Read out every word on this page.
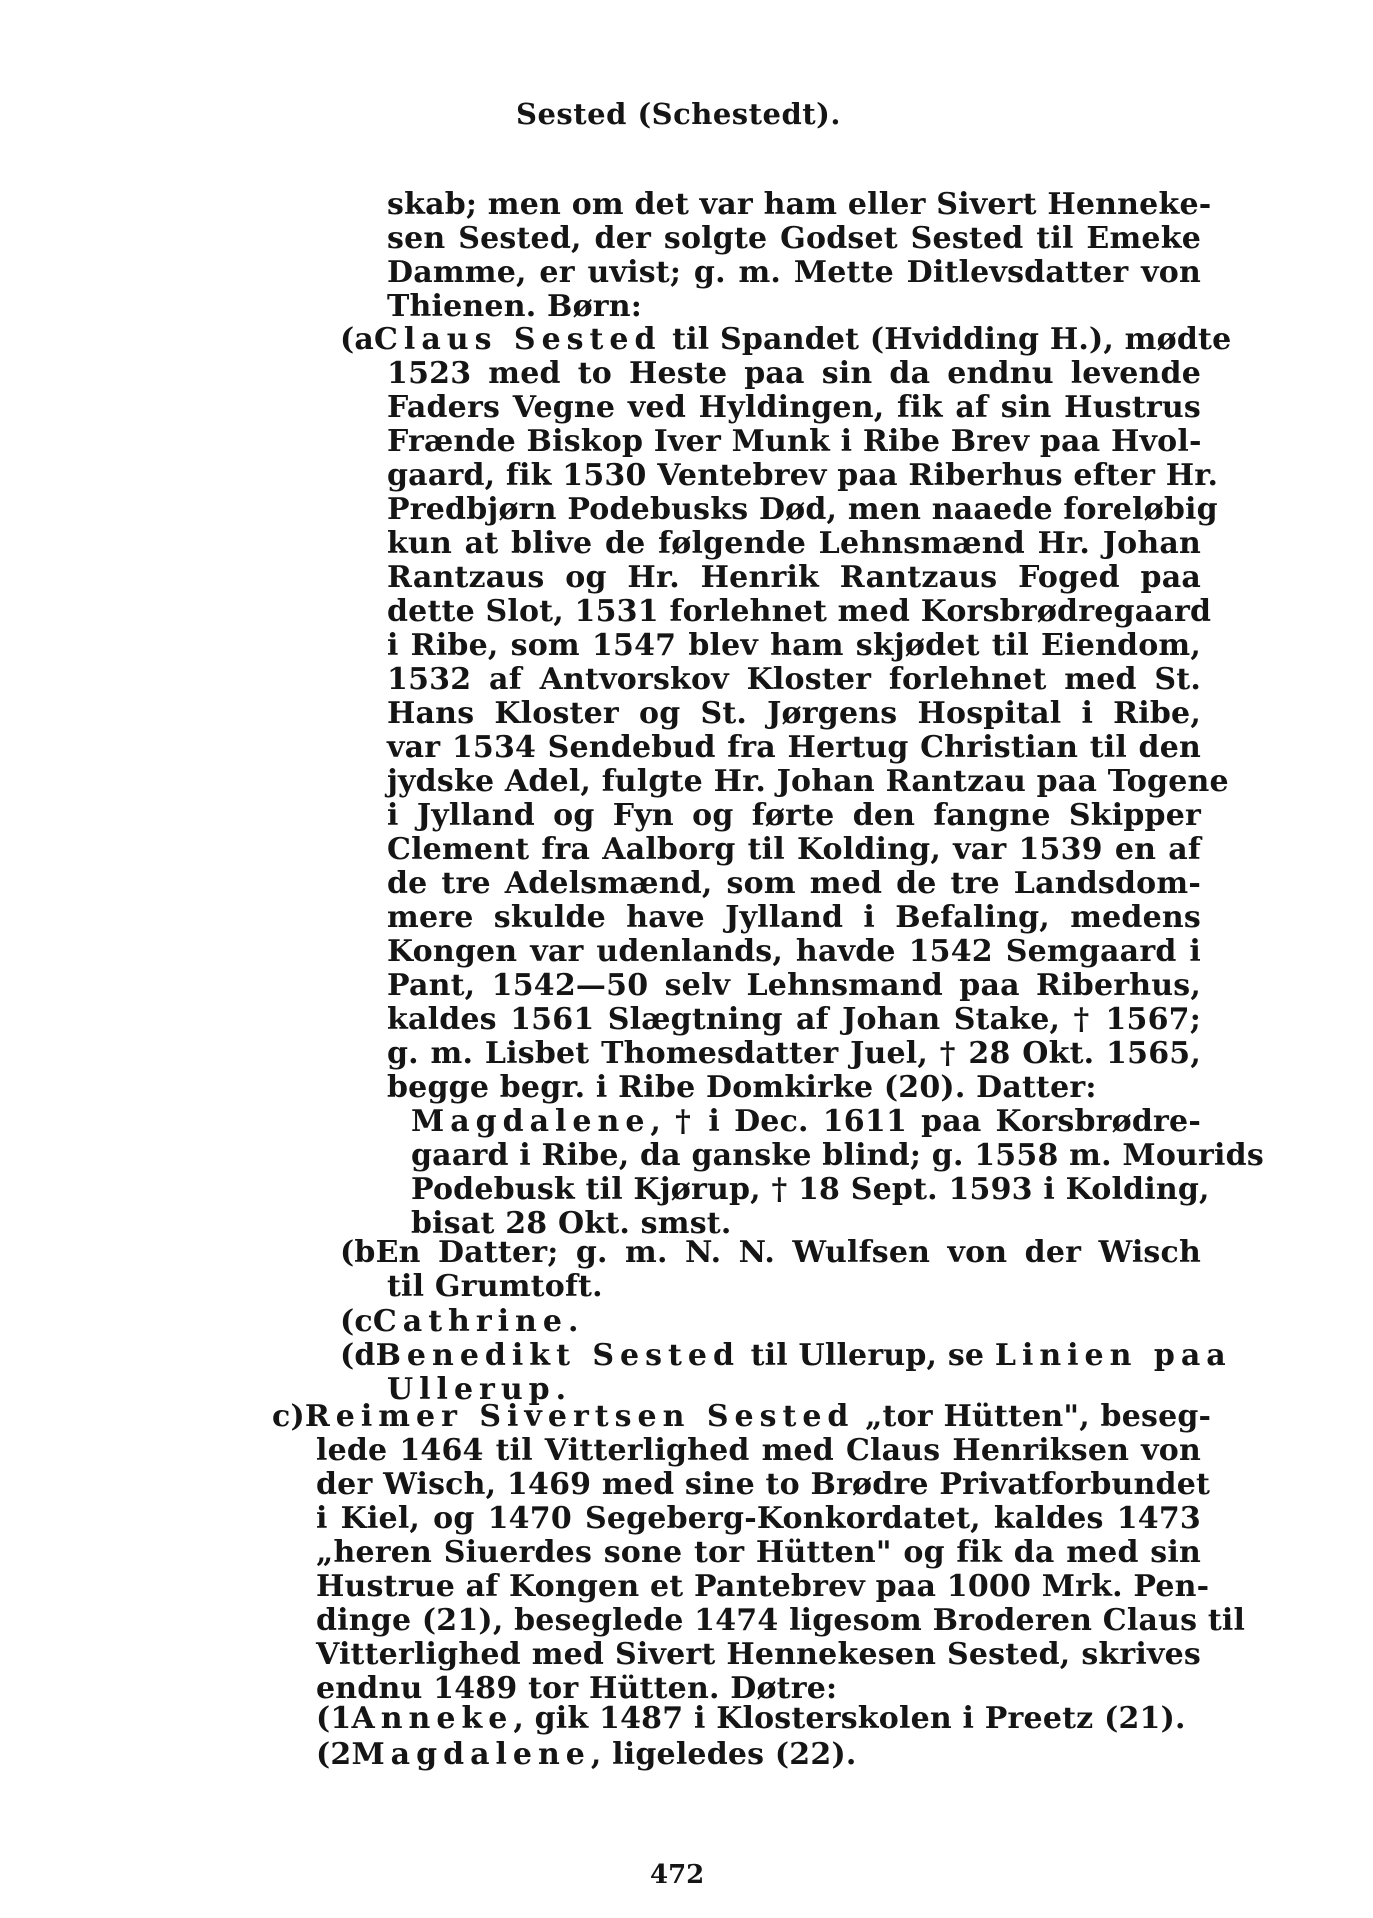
Sested (Schestedt).
skab; men om det var ham eller Sivert Henneke-
sen Sested, der solgte Godset Sested til Emeke
Damme, er uvist; g. m. Mette Ditlevsdatter von
Thienen. Børn:
(aClaus Sested til Spandet (Hvidding H.), mødte
1523 med to Heste paa sin da endnu levende
Faders Vegne ved Hyldingen, fik af sin Hustrus
Frænde Biskop Iver Munk i Ribe Brev paa Hvol-
gaard, fik 1530 Ventebrev paa Riberhus efter Hr.
Predbjørn Podebusks Død, men naaede foreløbig
kun at blive de følgende Lehnsmænd Hr. Johan
Rantzaus og Hr. Henrik Rantzaus Foged paa
dette Slot, 1531 forlehnet med Korsbrødregaard
i Ribe, som 1547 blev ham skjødet til Eiendom,
1532 af Antvorskov Kloster forlehnet med St.
Hans Kloster og St. Jørgens Hospital i Ribe,
var 1534 Sendebud fra Hertug Christian til den
jydske Adel, fulgte Hr. Johan Rantzau paa Togene
i Jylland og Fyn og førte den fangne Skipper
Clement fra Aalborg til Kolding, var 1539 en af
de tre Adelsmænd, som med de tre Landsdom-
mere skulde have Jylland i Befaling, medens
Kongen var udenlands, havde 1542 Semgaard i
Pant, 1542—50 selv Lehnsmand paa Riberhus,
kaldes 1561 Slægtning af Johan Stake, † 1567;
g. m. Lisbet Thomesdatter Juel, † 28 Okt. 1565,
begge begr. i Ribe Domkirke (20). Datter:
Magdalene, † i Dec. 1611 paa Korsbrødre-
gaard i Ribe, da ganske blind; g. 1558 m. Mourids
Podebusk til Kjørup, † 18 Sept. 1593 i Kolding,
bisat 28 Okt. smst.
(bEn Datter; g. m. N. N. Wulfsen von der Wisch
til Grumtoft.
(cCathrine.
(dBenedikt Sested til Ullerup, se Linien paa
Ullerup.
c)Reimer Sivertsen Sested „tor Hütten", beseg-
lede 1464 til Vitterlighed med Claus Henriksen von
der Wisch, 1469 med sine to Brødre Privatforbundet
i Kiel, og 1470 Segeberg-Konkordatet, kaldes 1473
„heren Siuerdes sone tor Hütten" og fik da med sin
Hustrue af Kongen et Pantebrev paa 1000 Mrk. Pen-
dinge (21), beseglede 1474 ligesom Broderen Claus til
Vitterlighed med Sivert Hennekesen Sested, skrives
endnu 1489 tor Hütten. Døtre:
(1Anneke, gik 1487 i Klosterskolen i Preetz (21).
(2Magdalene, ligeledes (22).
472
